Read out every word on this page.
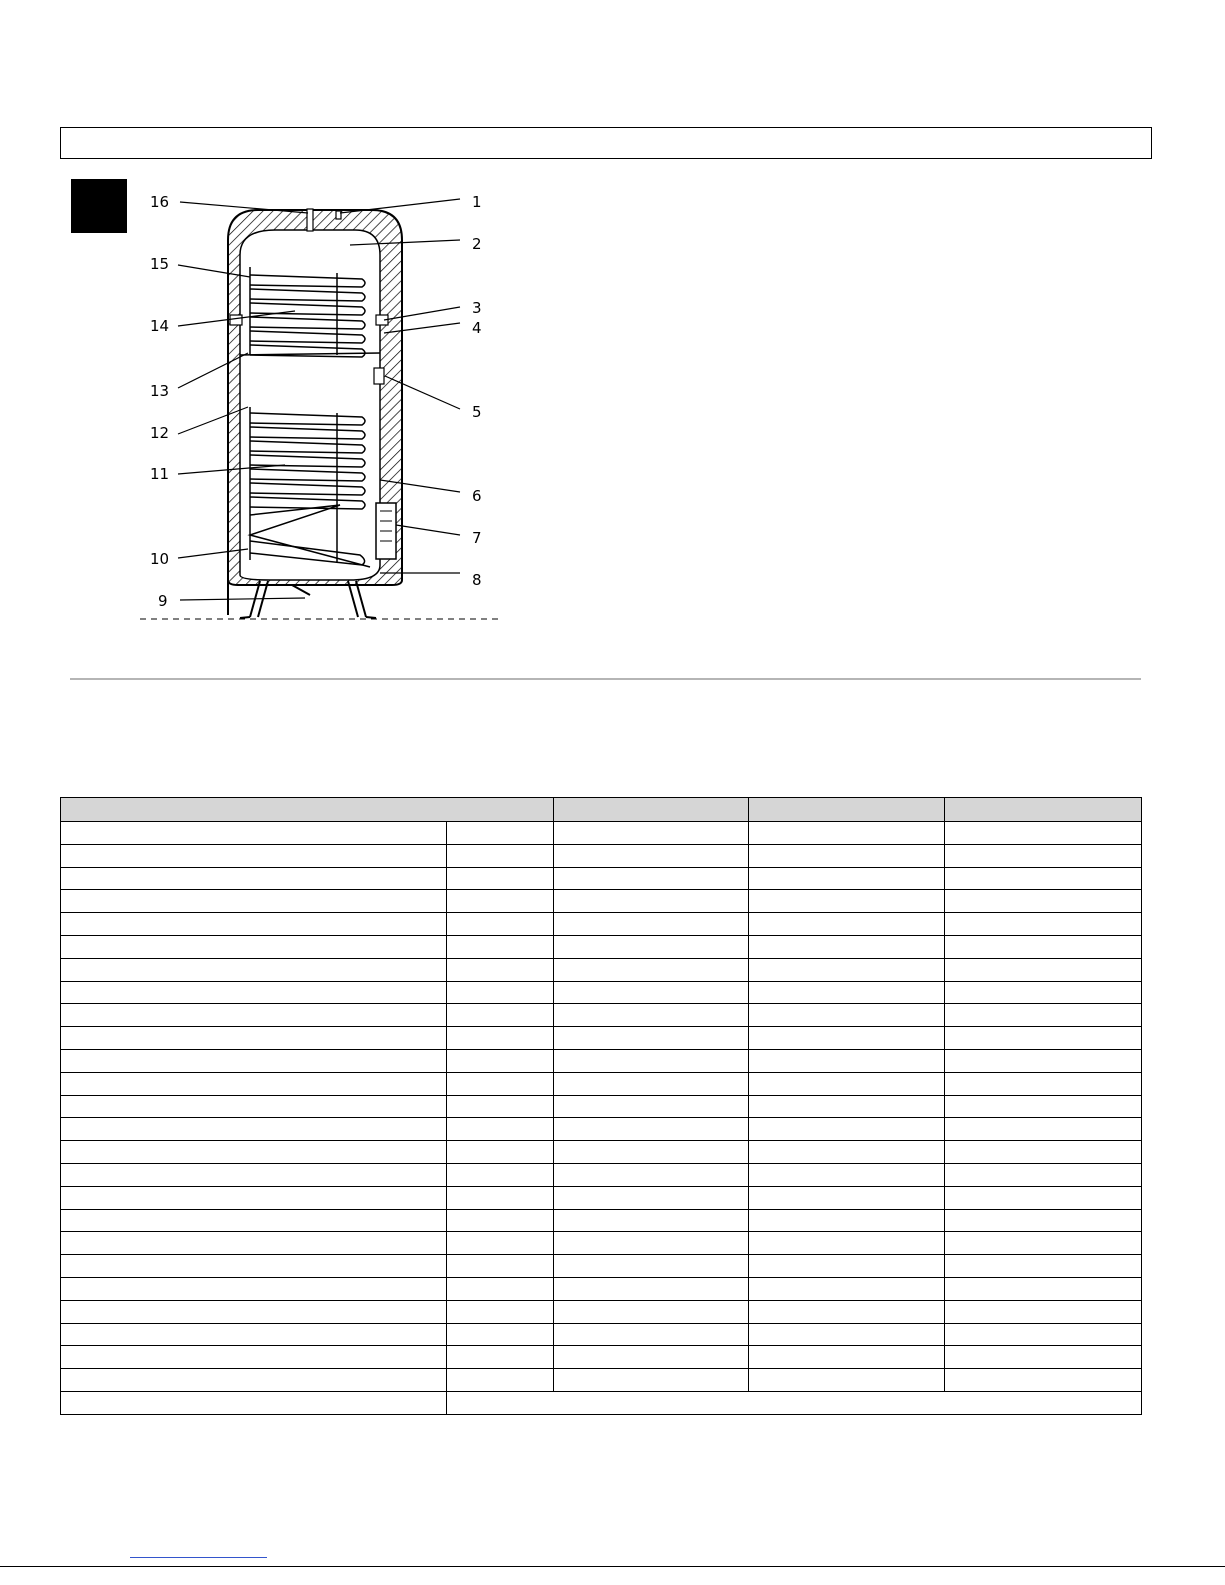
16	1
2
15
3
14	4
13
5
12
11
6
7
10
8
9
